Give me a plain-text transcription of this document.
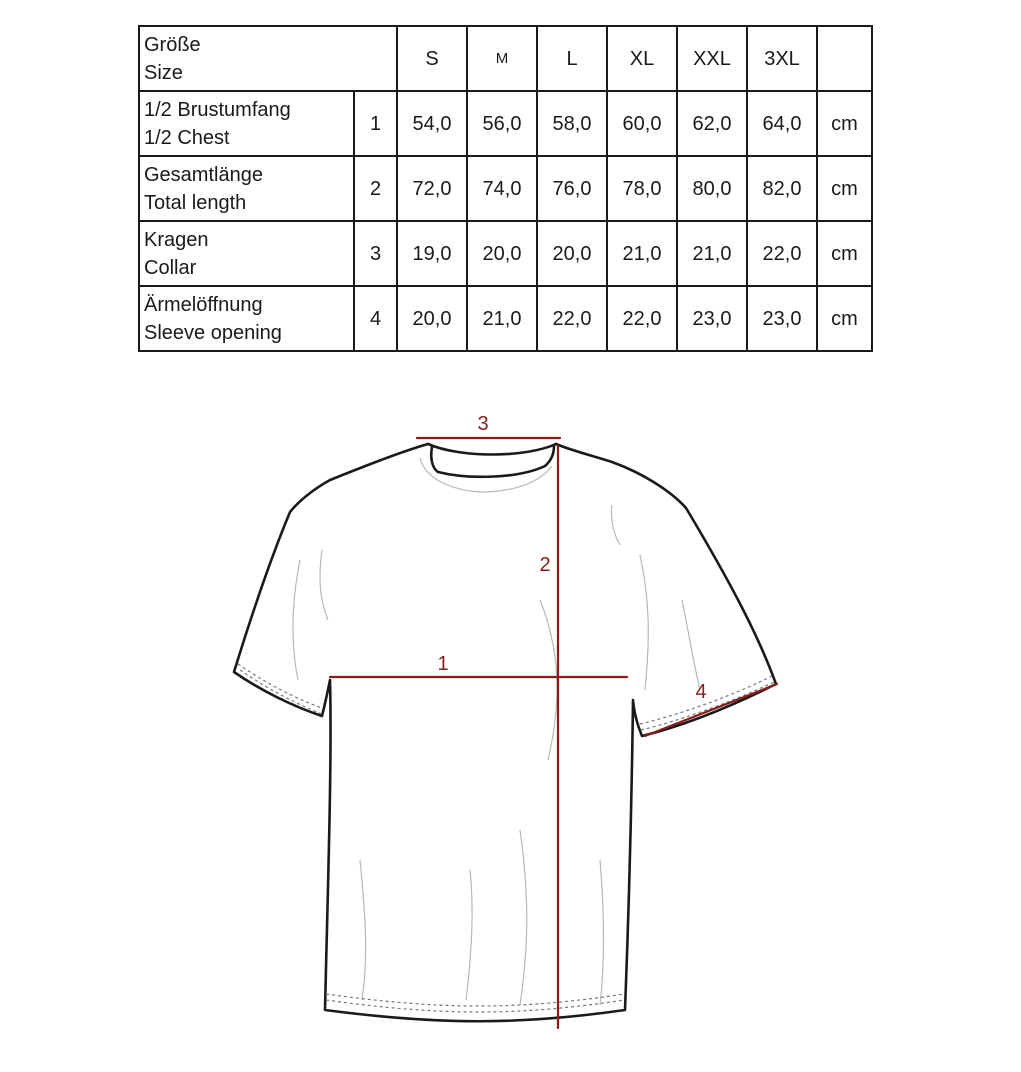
Größe
Size		S	M	L	XL	XXL	3XL	

1/2 Brustumfang
1/2 Chest	1	54,0	56,0	58,0	60,0	62,0	64,0	cm

Gesamtlänge
Total length	2	72,0	74,0	76,0	78,0	80,0	82,0	cm

Kragen
Collar	3	19,0	20,0	20,0	21,0	21,0	22,0	cm

Ärmelöffnung
Sleeve opening	4	20,0	21,0	22,0	22,0	23,0	23,0	cm
3
2
1
4
